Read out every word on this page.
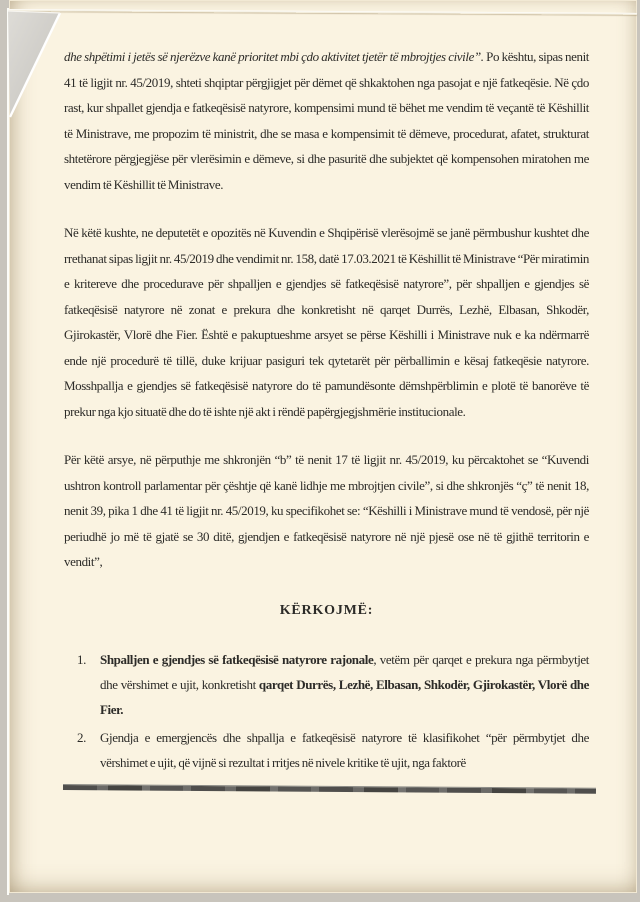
dhe shpëtimi i jetës së njerëzve kanë prioritet mbi çdo aktivitet tjetër të mbrojtjes civile”. Po kështu, sipas nenit 41 të ligjit nr. 45/2019, shteti shqiptar përgjigjet për dëmet që shkaktohen nga pasojat e një fatkeqësie. Në çdo rast, kur shpallet gjendja e fatkeqësisë natyrore, kompensimi mund të bëhet me vendim të veçantë të Këshillit të Ministrave, me propozim të ministrit, dhe se masa e kompensimit të dëmeve, procedurat, afatet, strukturat shtetërore përgjegjëse për vlerësimin e dëmeve, si dhe pasuritë dhe subjektet që kompensohen miratohen me vendim të Këshillit të Ministrave.

Në këtë kushte, ne deputetët e opozitës në Kuvendin e Shqipërisë vlerësojmë se janë përmbushur kushtet dhe rrethanat sipas ligjit nr. 45/2019 dhe vendimit nr. 158, datë 17.03.2021 të Këshillit të Ministrave “Për miratimin e kritereve dhe procedurave për shpalljen e gjendjes së fatkeqësisë natyrore”, për shpalljen e gjendjes së fatkeqësisë natyrore në zonat e prekura dhe konkretisht në qarqet Durrës, Lezhë, Elbasan, Shkodër, Gjirokastër, Vlorë dhe Fier. Është e pakuptueshme arsyet se përse Këshilli i Ministrave nuk e ka ndërmarrë ende një procedurë të tillë, duke krijuar pasiguri tek qytetarët për përballimin e kësaj fatkeqësie natyrore. Mosshpallja e gjendjes së fatkeqësisë natyrore do të pamundësonte dëmshpërblimin e plotë të banorëve të prekur nga kjo situatë dhe do të ishte një akt i rëndë papërgjegjshmërie institucionale.

Për këtë arsye, në përputhje me shkronjën “b” të nenit 17 të ligjit nr. 45/2019, ku përcaktohet se “Kuvendi ushtron kontroll parlamentar për çështje që kanë lidhje me mbrojtjen civile”, si dhe shkronjës “ç” të nenit 18, nenit 39, pika 1 dhe 41 të ligjit nr. 45/2019, ku specifikohet se: “Këshilli i Ministrave mund të vendosë, për një periudhë jo më të gjatë se 30 ditë, gjendjen e fatkeqësisë natyrore në një pjesë ose në të gjithë territorin e vendit”,

KËRKOJMË:
1. Shpalljen e gjendjes së fatkeqësisë natyrore rajonale, vetëm për qarqet e prekura nga përmbytjet dhe vërshimet e ujit, konkretisht qarqet Durrës, Lezhë, Elbasan, Shkodër, Gjirokastër, Vlorë dhe Fier.
2. Gjendja e emergjencës dhe shpallja e fatkeqësisë natyrore të klasifikohet “për përmbytjet dhe vërshimet e ujit, që vijnë si rezultat i rritjes në nivele kritike të ujit, nga faktorë
